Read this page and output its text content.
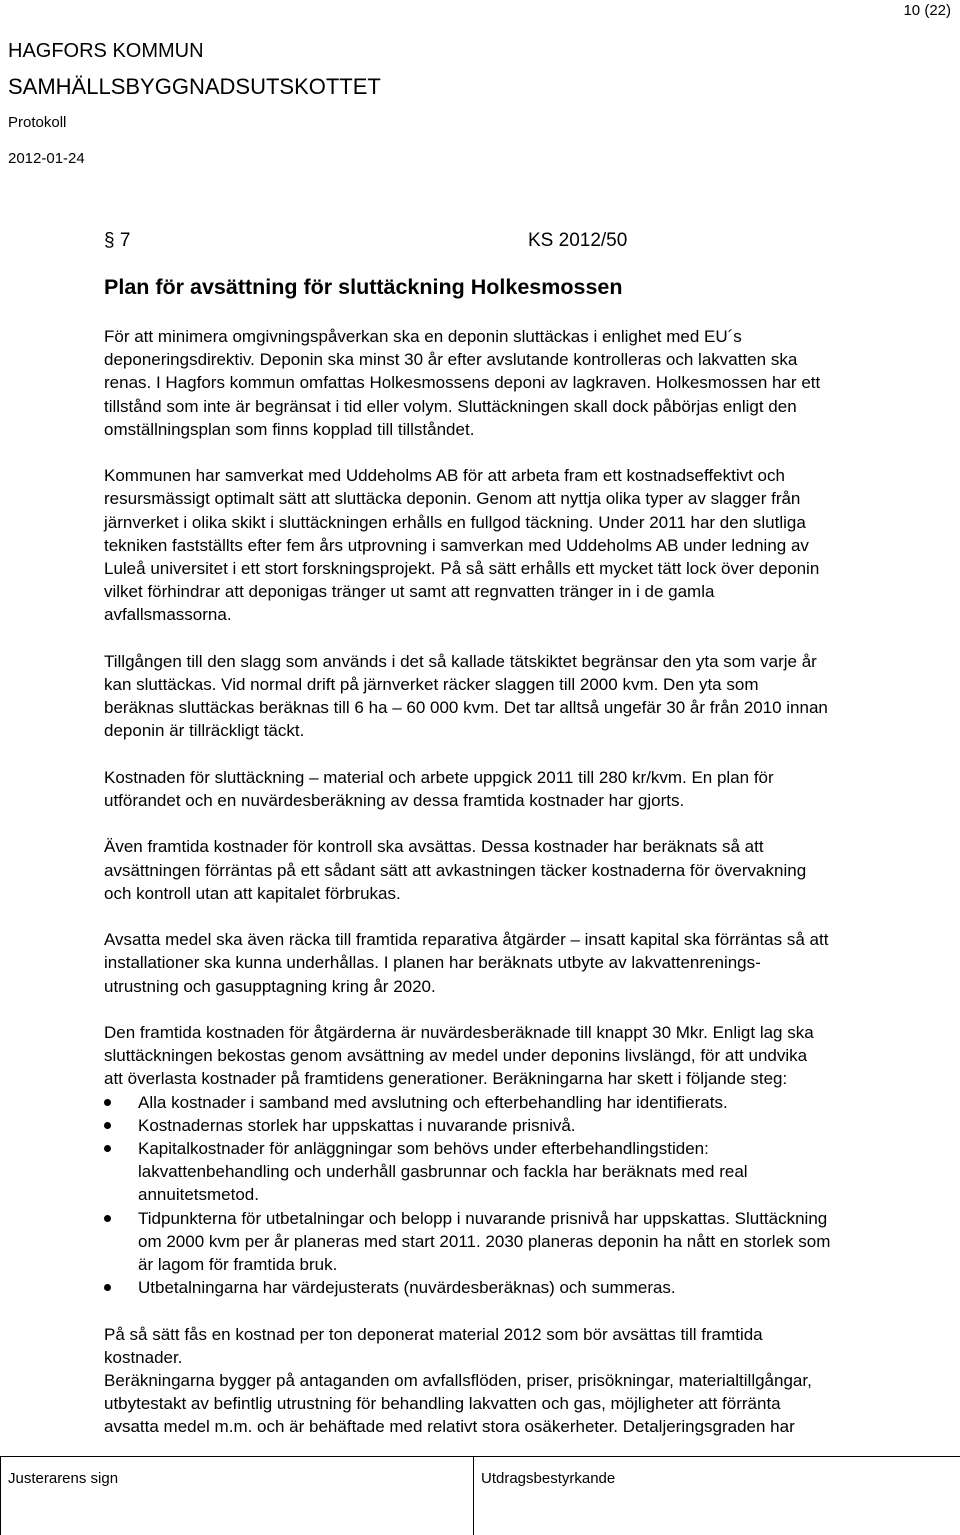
10 (22)
HAGFORS KOMMUN
SAMHÄLLSBYGGNADSUTSKOTTET
Protokoll
2012-01-24
§ 7	KS 2012/50
Plan för avsättning för sluttäckning Holkesmossen

För att minimera omgivningspåverkan ska en deponin sluttäckas i enlighet med EU´s
deponeringsdirektiv. Deponin ska minst 30 år efter avslutande kontrolleras och lakvatten ska
renas. I Hagfors kommun omfattas Holkesmossens deponi av lagkraven. Holkesmossen har ett
tillstånd som inte är begränsat i tid eller volym. Sluttäckningen skall dock påbörjas enligt den
omställningsplan som finns kopplad till tillståndet.

Kommunen har samverkat med Uddeholms AB för att arbeta fram ett kostnadseffektivt och
resursmässigt optimalt sätt att sluttäcka deponin. Genom att nyttja olika typer av slagger från
järnverket i olika skikt i sluttäckningen erhålls en fullgod täckning. Under 2011 har den slutliga
tekniken fastställts efter fem års utprovning i samverkan med Uddeholms AB under ledning av
Luleå universitet i ett stort forskningsprojekt. På så sätt erhålls ett mycket tätt lock över deponin
vilket förhindrar att deponigas tränger ut samt att regnvatten tränger in i de gamla
avfallsmassorna.

Tillgången till den slagg som används i det så kallade tätskiktet begränsar den yta som varje år
kan sluttäckas. Vid normal drift på järnverket räcker slaggen till 2000 kvm. Den yta som
beräknas sluttäckas beräknas till 6 ha – 60 000 kvm. Det tar alltså ungefär 30 år från 2010 innan
deponin är tillräckligt täckt.

Kostnaden för sluttäckning – material och arbete uppgick 2011 till 280 kr/kvm. En plan för
utförandet och en nuvärdesberäkning av dessa framtida kostnader har gjorts.

Även framtida kostnader för kontroll ska avsättas. Dessa kostnader har beräknats så att
avsättningen förräntas på ett sådant sätt att avkastningen täcker kostnaderna för övervakning
och kontroll utan att kapitalet förbrukas.

Avsatta medel ska även räcka till framtida reparativa åtgärder – insatt kapital ska förräntas så att
installationer ska kunna underhållas. I planen har beräknats utbyte av lakvattenrenings-
utrustning och gasupptagning kring år 2020.

Den framtida kostnaden för åtgärderna är nuvärdesberäknade till knappt 30 Mkr. Enligt lag ska
sluttäckningen bekostas genom avsättning av medel under deponins livslängd, för att undvika
att överlasta kostnader på framtidens generationer. Beräkningarna har skett i följande steg:

Alla kostnader i samband med avslutning och efterbehandling har identifierats.
Kostnadernas storlek har uppskattas i nuvarande prisnivå.
Kapitalkostnader för anläggningar som behövs under efterbehandlingstiden:
lakvattenbehandling och underhåll gasbrunnar och fackla har beräknats med real
annuitetsmetod.
Tidpunkterna för utbetalningar och belopp i nuvarande prisnivå har uppskattas. Sluttäckning
om 2000 kvm per år planeras med start 2011. 2030 planeras deponin ha nått en storlek som
är lagom för framtida bruk.
Utbetalningarna har värdejusterats (nuvärdesberäknas) och summeras.

På så sätt fås en kostnad per ton deponerat material 2012 som bör avsättas till framtida
kostnader.

Beräkningarna bygger på antaganden om avfallsflöden, priser, prisökningar, materialtillgångar,
utbytestakt av befintlig utrustning för behandling lakvatten och gas, möjligheter att förränta
avsatta medel m.m. och är behäftade med relativt stora osäkerheter. Detaljeringsgraden har

Justerarens sign	Utdragsbestyrkande
